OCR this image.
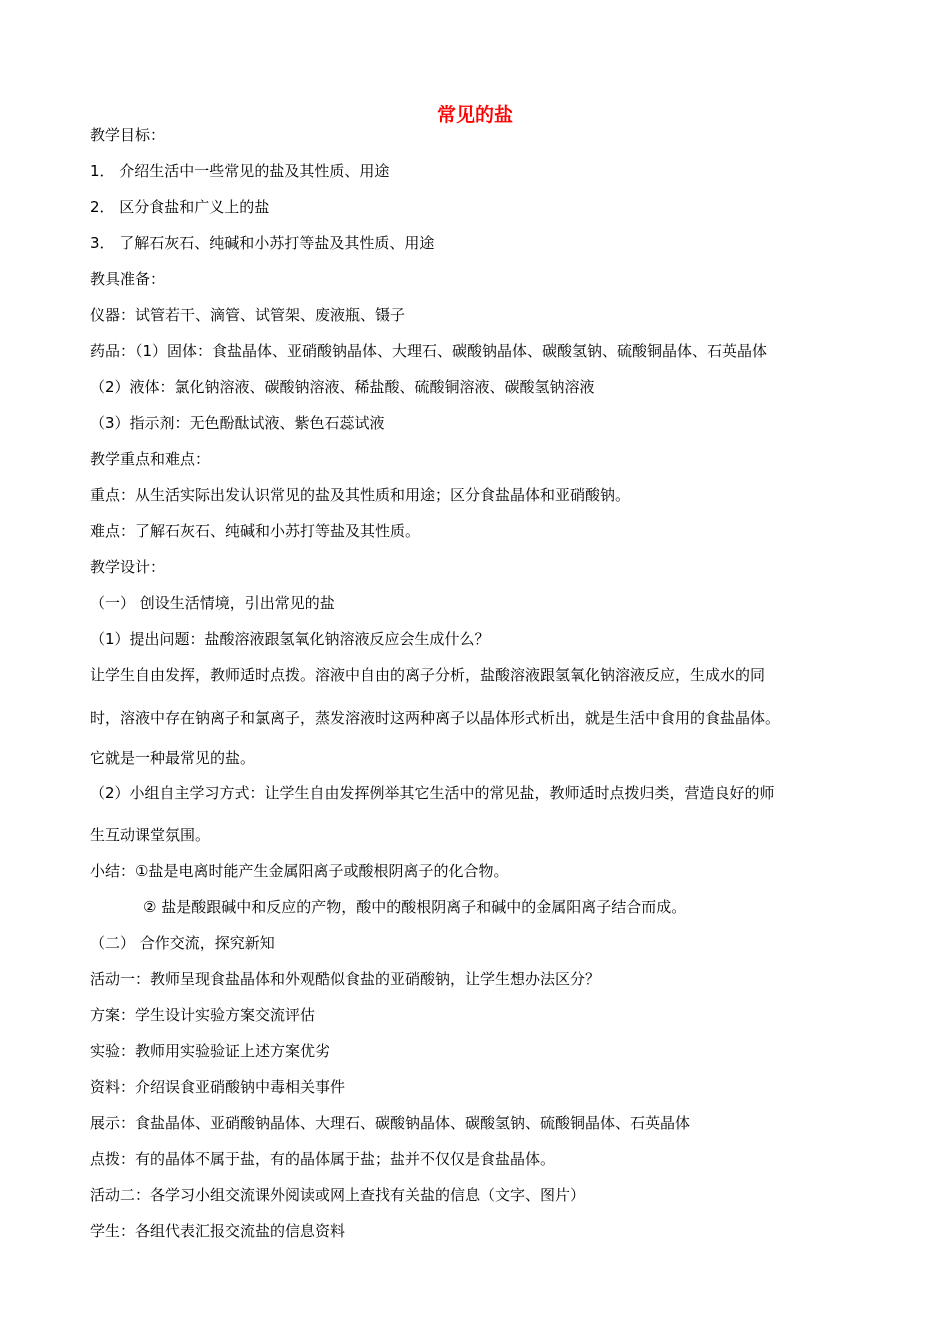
常见的盐
教学目标：
1． 介绍生活中一些常见的盐及其性质、用途
2． 区分食盐和广义上的盐
3． 了解石灰石、纯碱和小苏打等盐及其性质、用途
教具准备：
仪器：试管若干、滴管、试管架、废液瓶、镊子
药品：（1）固体：食盐晶体、亚硝酸钠晶体、大理石、碳酸钠晶体、碳酸氢钠、硫酸铜晶体、石英晶体
（2）液体：氯化钠溶液、碳酸钠溶液、稀盐酸、硫酸铜溶液、碳酸氢钠溶液
（3）指示剂：无色酚酞试液、紫色石蕊试液
教学重点和难点：
重点：从生活实际出发认识常见的盐及其性质和用途；区分食盐晶体和亚硝酸钠。
难点：了解石灰石、纯碱和小苏打等盐及其性质。
教学设计：
（一） 创设生活情境，引出常见的盐
（1）提出问题：盐酸溶液跟氢氧化钠溶液反应会生成什么？
让学生自由发挥，教师适时点拨。溶液中自由的离子分析，盐酸溶液跟氢氧化钠溶液反应，生成水的同
时，溶液中存在钠离子和氯离子，蒸发溶液时这两种离子以晶体形式析出，就是生活中食用的食盐晶体。
它就是一种最常见的盐。
（2）小组自主学习方式：让学生自由发挥例举其它生活中的常见盐，教师适时点拨归类，营造良好的师
生互动课堂氛围。
小结：①盐是电离时能产生金属阳离子或酸根阴离子的化合物。
② 盐是酸跟碱中和反应的产物，酸中的酸根阴离子和碱中的金属阳离子结合而成。
（二） 合作交流，探究新知
活动一：教师呈现食盐晶体和外观酷似食盐的亚硝酸钠，让学生想办法区分？
方案：学生设计实验方案交流评估
实验：教师用实验验证上述方案优劣
资料：介绍误食亚硝酸钠中毒相关事件
展示：食盐晶体、亚硝酸钠晶体、大理石、碳酸钠晶体、碳酸氢钠、硫酸铜晶体、石英晶体
点拨：有的晶体不属于盐，有的晶体属于盐；盐并不仅仅是食盐晶体。
活动二：各学习小组交流课外阅读或网上查找有关盐的信息（文字、图片）
学生：各组代表汇报交流盐的信息资料
